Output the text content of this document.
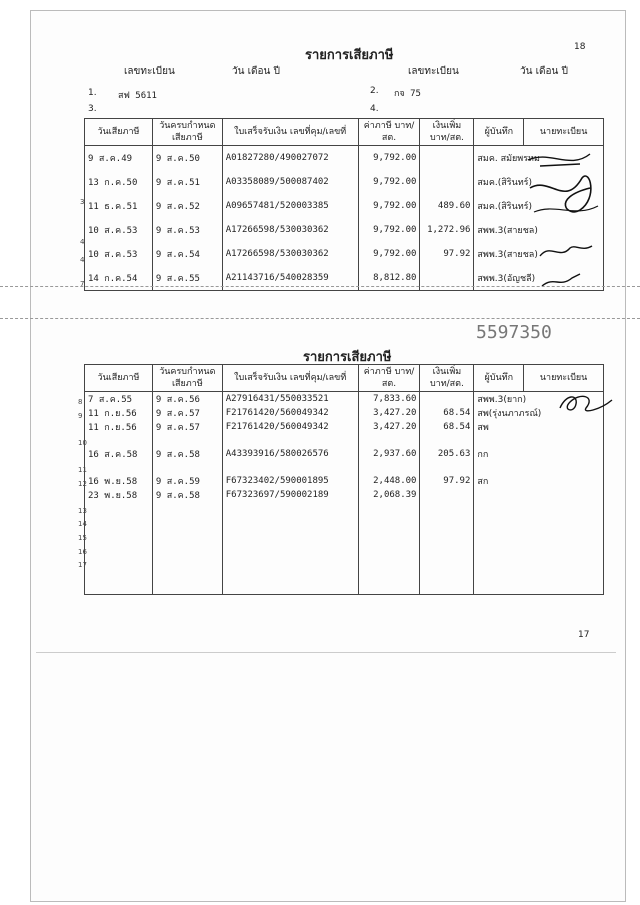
รายการเสียภาษี
18
เลขทะเบียน	วัน เดือน ปี	เลขทะเบียน	วัน เดือน ปี
1. สฟ 5611	2. กจ 75
3.	4.
วันเสียภาษี	วันครบกำหนด เสียภาษี	ใบเสร็จรับเงิน เลขที่คุม/เลขที่	ค่าภาษี บาท/สต.	เงินเพิ่ม บาท/สต.	ผู้บันทึก	นายทะเบียน
9 ส.ค.49	9 ส.ค.50	A01827280/490027072	9,792.00		สมค. สมัยพรหม	
13 ก.ค.50	9 ส.ค.51	A03358089/500087402	9,792.00		สมค.(สิรินทร์)	
11 ธ.ค.51	9 ส.ค.52	A09657481/520003385	9,792.00	489.60	สมค.(สิรินทร์)	
10 ส.ค.53	9 ส.ค.53	A17266598/530030362	9,792.00	1,272.96	สพพ.3(สายชล)	
10 ส.ค.53	9 ส.ค.54	A17266598/530030362	9,792.00	97.92	สพพ.3(สายชล)	
14 ก.ค.54	9 ส.ค.55	A21143716/540028359	8,812.80		สพพ.3(อัญชลี)	
3
4
4
7
5597350
รายการเสียภาษี
วันเสียภาษี	วันครบกำหนด เสียภาษี	ใบเสร็จรับเงิน เลขที่คุม/เลขที่	ค่าภาษี บาท/สต.	เงินเพิ่ม บาท/สต.	ผู้บันทึก	นายทะเบียน
7 ส.ค.55	9 ส.ค.56	A27916431/550033521	7,833.60		สพพ.3(ยาก)	
11 ก.ย.56	9 ส.ค.57	F21761420/560049342	3,427.20	68.54	สพ(รุ่งนภาภรณ์)	
11 ก.ย.56	9 ส.ค.57	F21761420/560049342	3,427.20	68.54	สพ	

16 ส.ค.58	9 ส.ค.58	A43393916/580026576	2,937.60	205.63	กก	

16 พ.ย.58	9 ส.ค.59	F67323402/590001895	2,448.00	97.92	สก	
23 พ.ย.58	9 ส.ค.58	F67323697/590002189	2,068.39			

17
8
9
10
11
12
13
14
15
16
17
